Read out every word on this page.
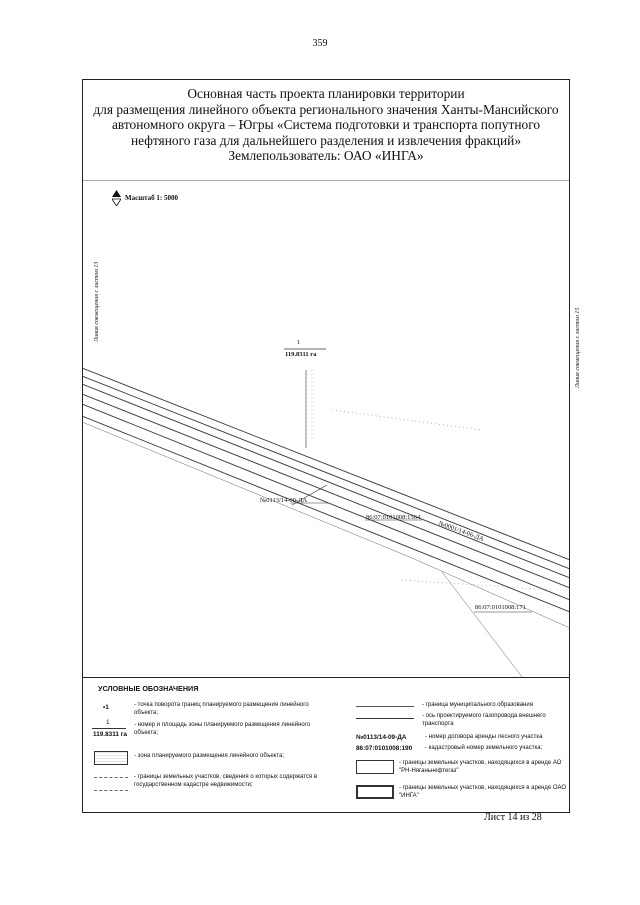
359
Основная часть проекта планировки территории
для размещения линейного объекта регионального значения Ханты-Мансийского
автономного округа – Югры «Система подготовки и транспорта попутного
нефтяного газа для дальнейшего разделения и извлечения фракций»
Землепользователь: ОАО «ИНГА»
Масштаб 1: 5000
Линия совмещения с листом 13
Линия совмещения с листом 15
1
119.8311 га
№0113/14-09-ДА
86:07:0101008:1564
№0001/14-06-ДА
86:07:0101008:171
УСЛОВНЫЕ ОБОЗНАЧЕНИЯ
•1	- точка поворота границ планируемого размещения линейного объекта;
1
119.8311 га
- номер и площадь зоны планируемого размещения линейного объекта;
- зона планируемого размещения линейного объекта;
- границы земельных участков, сведения о которых содержатся в государственном кадастре недвижимости;
- граница муниципального образования
- ось проектируемого газопровода внешнего транспорта
№0113/14-09-ДА	- номер договора аренды лесного участка
86:07:0101008:190 - кадастровый номер земельного участка;
- границы земельных участков, находящихся в аренде АО "РН-Няганьнефтегаз"
- границы земельных участков, находящихся в аренде ОАО "ИНГА"
Лист 14 из 28
